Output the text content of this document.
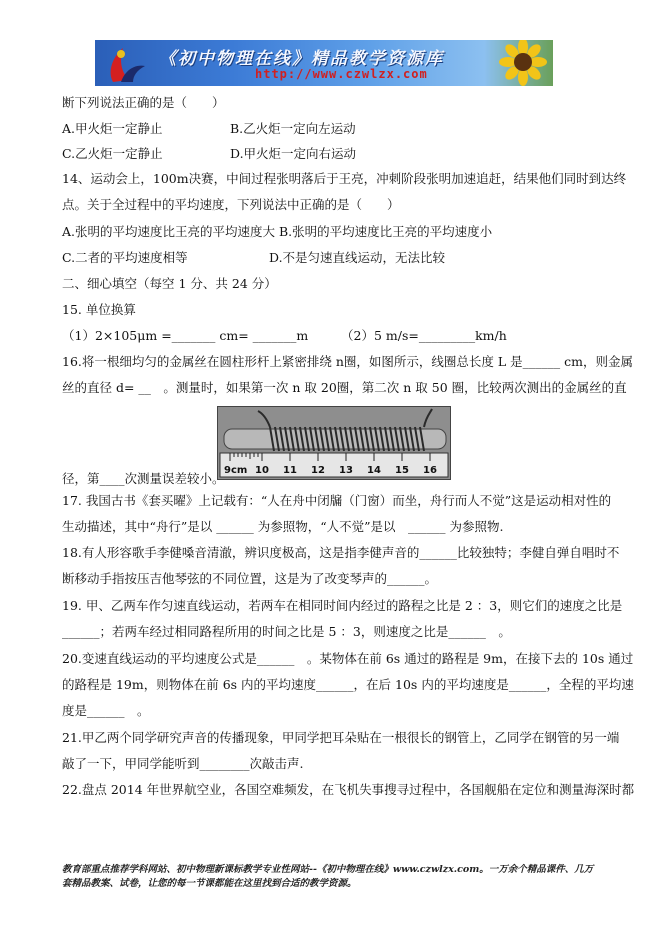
《初中物理在线》精品教学资源库
http://www.czwlzx.com
断下列说法正确的是（　　）
A.甲火炬一定静止	B.乙火炬一定向左运动
C.乙火炬一定静止	D.甲火炬一定向右运动
14、运动会上，100m决赛，中间过程张明落后于王亮，冲刺阶段张明加速追赶，结果他们同时到达终
点。关于全过程中的平均速度，下列说法中正确的是（　　）
A.张明的平均速度比王亮的平均速度大 B.张明的平均速度比王亮的平均速度小
C.二者的平均速度相等	D.不是匀速直线运动，无法比较
二、细心填空（每空 1 分、共 24 分）
15. 单位换算
（1）2×105μm =_______ cm= _______m	（2）5 m/s=_________km/h
16.将一根细均匀的金属丝在圆柱形杆上紧密排绕 n圈，如图所示，线圈总长度 L 是______ cm，则金属
丝的直径 d= __　。测量时，如果第一次 n 取 20圈，第二次 n 取 50 圈，比较两次测出的金属丝的直
9cm 10 11 12 13 14 15 16
径，第____次测量误差较小。
17. 我国古书《套买曜》上记载有：“人在舟中闭牖（门窗）而坐，舟行而人不觉”这是运动相对性的
生动描述，其中“舟行”是以 ______ 为参照物，“人不觉”是以　______ 为参照物.
18.有人形容歌手李健嗓音清澈，辨识度极高，这是指李健声音的______比较独特；李健自弹自唱时不
断移动手指按压吉他琴弦的不同位置，这是为了改变琴声的______。
19. 甲、乙两车作匀速直线运动，若两车在相同时间内经过的路程之比是 2 ：3，则它们的速度之比是
______；若两车经过相同路程所用的时间之比是 5 ：3，则速度之比是______　。
20.变速直线运动的平均速度公式是______　。某物体在前 6s 通过的路程是 9m，在接下去的 10s 通过
的路程是 19m，则物体在前 6s 内的平均速度______，在后 10s 内的平均速度是______，全程的平均速
度是______　。
21.甲乙两个同学研究声音的传播现象，甲同学把耳朵贴在一根很长的钢管上，乙同学在钢管的另一端
敲了一下，甲同学能听到________次敲击声.
22.盘点 2014 年世界航空业，各国空难频发，在飞机失事搜寻过程中，各国舰船在定位和测量海深时都
教育部重点推荐学科网站、初中物理新课标教学专业性网站--《初中物理在线》www.czwlzx.com。一万余个精品课件、几万套精品教案、试卷，让您的每一节课都能在这里找到合适的教学资源。
